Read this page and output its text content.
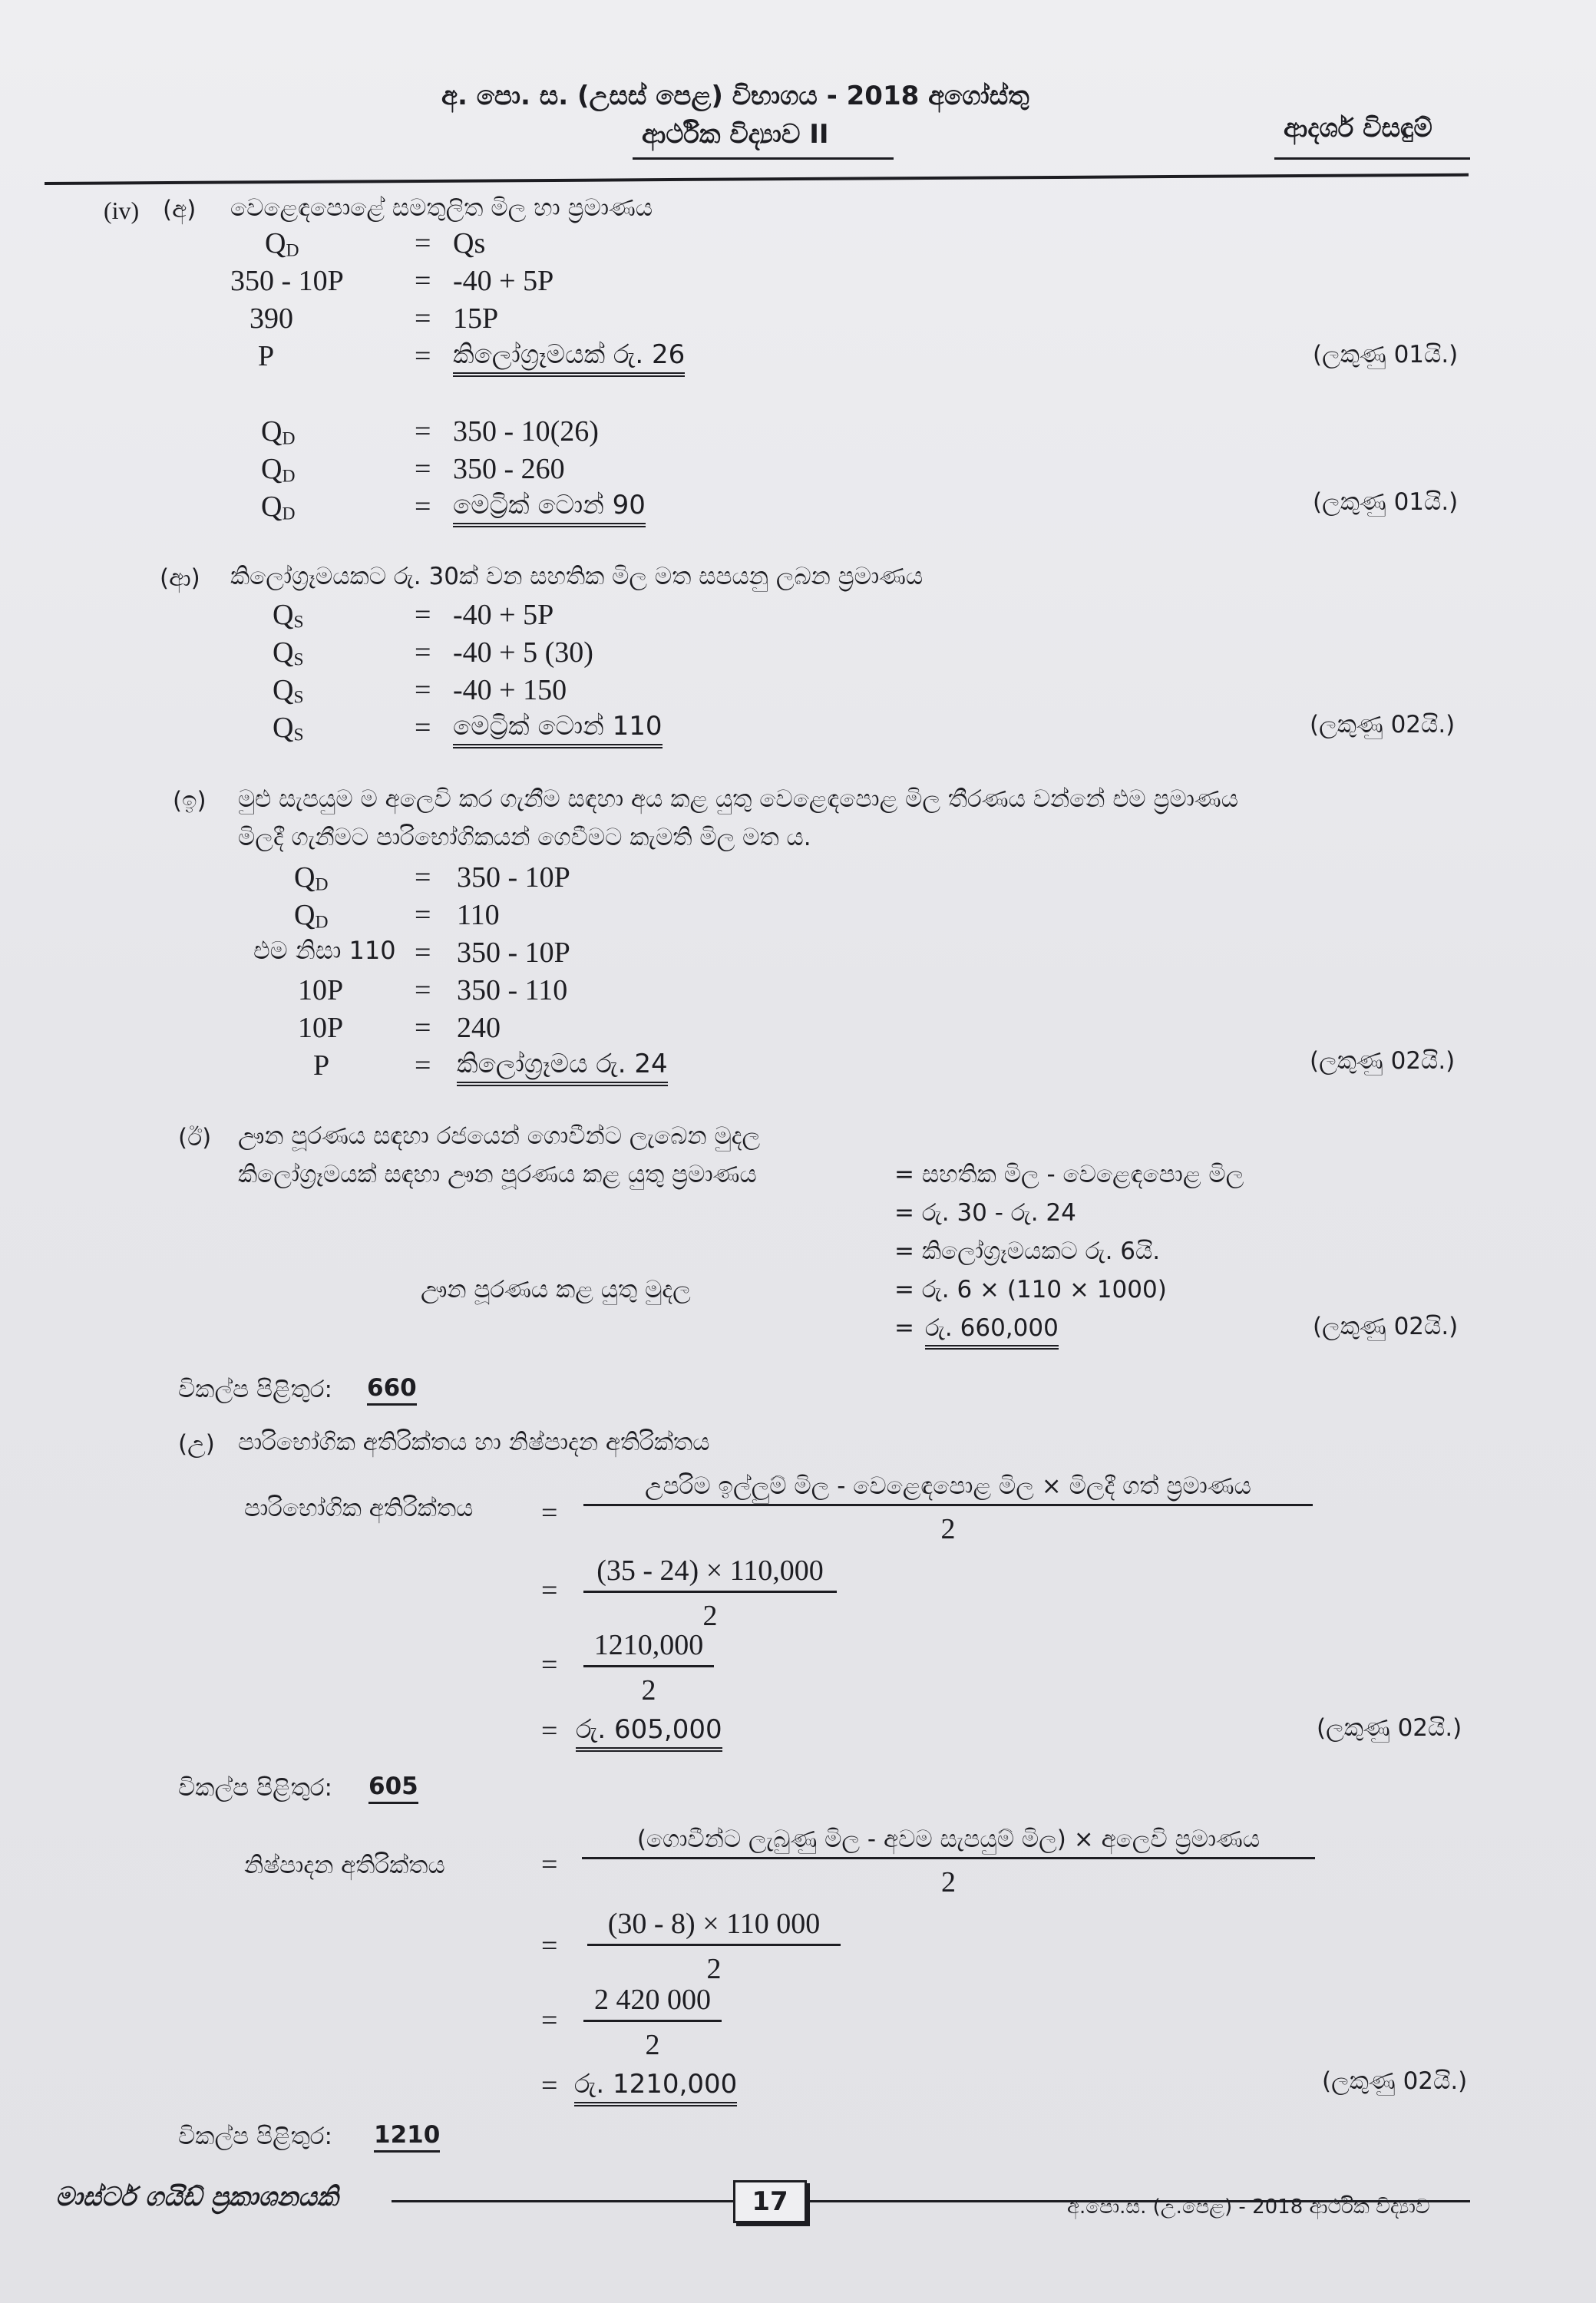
අ. පො. ස. (උසස් පෙළ) විභාගය - 2018 අගෝස්තු
ආර්ථික විද්‍යාව II	ආදර්ශ විසඳුම්
(iv) (අ) වෙළෙඳපොළේ සමතුලිත මිල හා ප්‍රමාණය
$Q_D$	= Qs
350 - 10P = -40 + 5P
390	= 15P
P	= කිලෝග්‍රෑමයක් රු. 26	(ලකුණු 01යි.)
$Q_D$	= 350 - 10(26)
$Q_D$	= 350 - 260
$Q_D$	= මෙට්‍රික් ටොන් 90	(ලකුණු 01යි.)
(ආ) කිලෝග්‍රෑමයකට රු. 30ක් වන සහතික මිල මත සපයනු ලබන ප්‍රමාණය
$Q_S$	= -40 + 5P
$Q_S$	= -40 + 5 (30)
$Q_S$	= -40 + 150
$Q_S$	= මෙට්‍රික් ටොන් 110	(ලකුණු 02යි.)
(ඉ) මුළු සැපයුම ම අලෙවි කර ගැනීම සඳහා අය කළ යුතු වෙළෙඳපොළ මිල තීරණය වන්නේ එම ප්‍රමාණය
මිලදී ගැනීමට පාරිභෝගිකයන් ගෙවීමට කැමති මිල මත ය.
$Q_D$	= 350 - 10P
$Q_D$	= 110
එම නිසා 110 = 350 - 10P
10P = 350 - 110
10P = 240
P	= කිලෝග්‍රෑමය රු. 24	(ලකුණු 02යි.)
(ඊ) ඌන පූරණය සඳහා රජයෙන් ගොවීන්ට ලැබෙන මුදල
කිලෝග්‍රෑමයක් සඳහා ඌන පූරණය කළ යුතු ප්‍රමාණය	= සහතික මිල - වෙළෙඳපොළ මිල
= රු. 30 - රු. 24
= කිලෝග්‍රෑමයකට රු. 6යි.
ඌන පූරණය කළ යුතු මුදල	= රු. 6 × (110 × 1000)
= රු. 660,000	(ලකුණු 02යි.)
විකල්ප පිළිතුර: 660
(උ) පාරිභෝගික අතිරික්තය හා නිෂ්පාදන අතිරික්තය
පාරිභෝගික අතිරික්තය =
උපරිම ඉල්ලුම් මිල - වෙළෙඳපොළ මිල × මිලදී ගත් ප්‍රමාණය
2
= $\frac{(35 - 24) \times 110,000}{2}$
= $\frac{1210,000}{2}$
= රු. 605,000	(ලකුණු 02යි.)
විකල්ප පිළිතුර: 605
නිෂ්පාදන අතිරික්තය	=
(ගොවීන්ට ලැබුණු මිල - අවම සැපයුම් මිල) × අලෙවි ප්‍රමාණය
2
= $\frac{(30 - 8) \times 110 000}{2}$
= $\frac{2 420 000}{2}$
= රු. 1210,000	(ලකුණු 02යි.)
විකල්ප පිළිතුර: 1210
මාස්ටර් ගයිඩ් ප්‍රකාශනයකි	17	අ.පො.ස. (උ.පෙළ) - 2018 ආර්ථික විද්‍යාව
